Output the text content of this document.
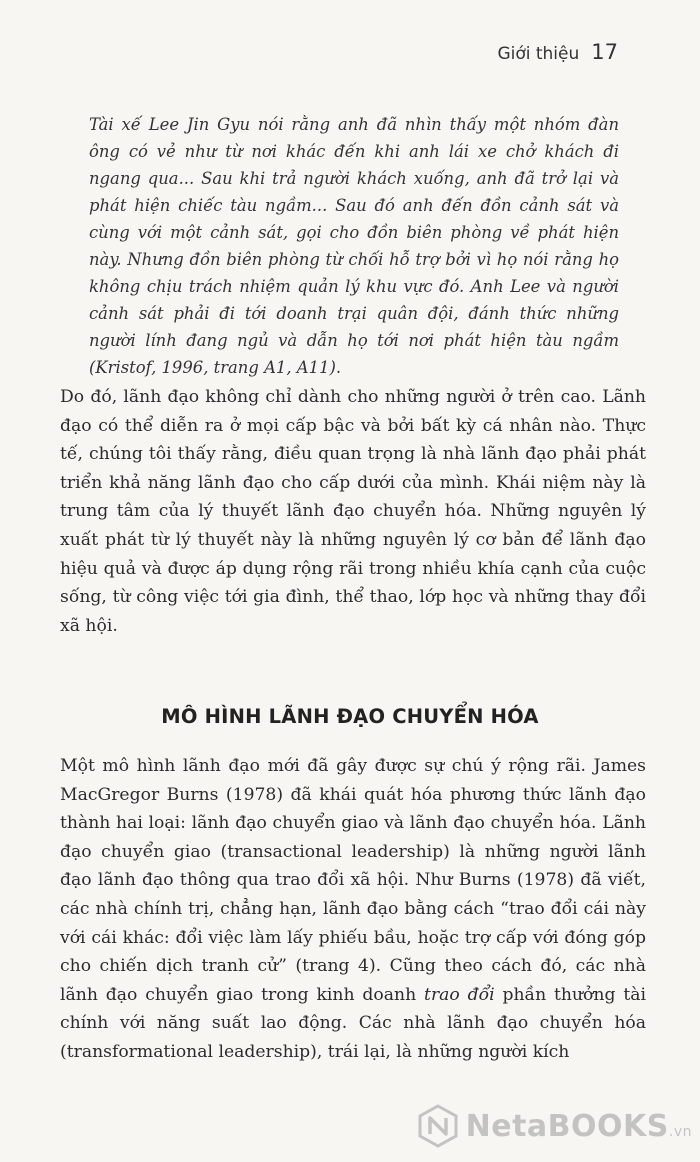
Giới thiệu 17

Tài xế Lee Jin Gyu nói rằng anh đã nhìn thấy một nhóm đàn ông có vẻ như từ nơi khác đến khi anh lái xe chở khách đi ngang qua... Sau khi trả người khách xuống, anh đã trở lại và phát hiện chiếc tàu ngầm... Sau đó anh đến đồn cảnh sát và cùng với một cảnh sát, gọi cho đồn biên phòng về phát hiện này. Nhưng đồn biên phòng từ chối hỗ trợ bởi vì họ nói rằng họ không chịu trách nhiệm quản lý khu vực đó. Anh Lee và người cảnh sát phải đi tới doanh trại quân đội, đánh thức những người lính đang ngủ và dẫn họ tới nơi phát hiện tàu ngầm (Kristof, 1996, trang A1, A11).

Do đó, lãnh đạo không chỉ dành cho những người ở trên cao. Lãnh đạo có thể diễn ra ở mọi cấp bậc và bởi bất kỳ cá nhân nào. Thực tế, chúng tôi thấy rằng, điều quan trọng là nhà lãnh đạo phải phát triển khả năng lãnh đạo cho cấp dưới của mình. Khái niệm này là trung tâm của lý thuyết lãnh đạo chuyển hóa. Những nguyên lý xuất phát từ lý thuyết này là những nguyên lý cơ bản để lãnh đạo hiệu quả và được áp dụng rộng rãi trong nhiều khía cạnh của cuộc sống, từ công việc tới gia đình, thể thao, lớp học và những thay đổi xã hội.

MÔ HÌNH LÃNH ĐẠO CHUYỂN HÓA

Một mô hình lãnh đạo mới đã gây được sự chú ý rộng rãi. James MacGregor Burns (1978) đã khái quát hóa phương thức lãnh đạo thành hai loại: lãnh đạo chuyển giao và lãnh đạo chuyển hóa. Lãnh đạo chuyển giao (transactional leadership) là những người lãnh đạo lãnh đạo thông qua trao đổi xã hội. Như Burns (1978) đã viết, các nhà chính trị, chẳng hạn, lãnh đạo bằng cách “trao đổi cái này với cái khác: đổi việc làm lấy phiếu bầu, hoặc trợ cấp với đóng góp cho chiến dịch tranh cử” (trang 4). Cũng theo cách đó, các nhà lãnh đạo chuyển giao trong kinh doanh trao đổi phần thưởng tài chính với năng suất lao động. Các nhà lãnh đạo chuyển hóa (transformational leadership), trái lại, là những người kích

NetaBOOKS.vn
